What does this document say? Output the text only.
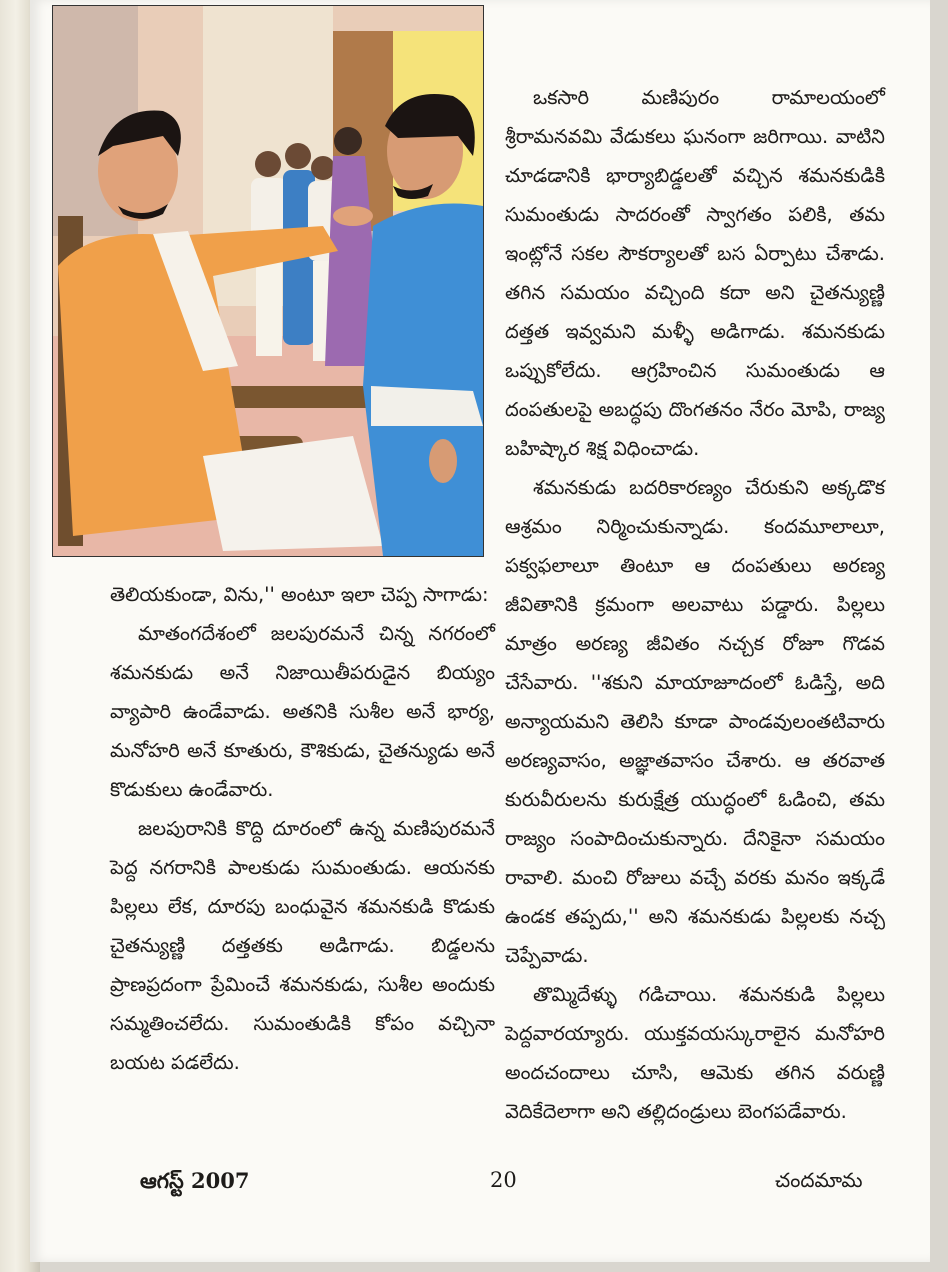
ఒకసారి మణిపురం రామాలయంలో శ్రీరామనవమి వేడుకలు ఘనంగా జరిగాయి. వాటిని చూడడానికి భార్యాబిడ్డలతో వచ్చిన శమనకుడికి సుమంతుడు సాదరంతో స్వాగతం పలికి, తమ ఇంట్లోనే సకల సౌకర్యాలతో బస ఏర్పాటు చేశాడు. తగిన సమయం వచ్చింది కదా అని చైతన్యుణ్ణి దత్తత ఇవ్వమని మళ్ళీ అడిగాడు. శమనకుడు ఒప్పుకోలేదు. ఆగ్రహించిన సుమంతుడు ఆ దంపతులపై అబద్ధపు దొంగతనం నేరం మోపి, రాజ్య బహిష్కార శిక్ష విధించాడు.

శమనకుడు బదరికారణ్యం చేరుకుని అక్కడొక ఆశ్రమం నిర్మించుకున్నాడు. కందమూలాలూ, పక్వఫలాలూ తింటూ ఆ దంపతులు అరణ్య జీవితానికి క్రమంగా అలవాటు పడ్డారు. పిల్లలు మాత్రం అరణ్య జీవితం నచ్చక రోజూ గొడవ చేసేవారు. ''శకుని మాయాజూదంలో ఓడిస్తే, అది అన్యాయమని తెలిసి కూడా పాండవులంతటివారు అరణ్యవాసం, అజ్ఞాతవాసం చేశారు. ఆ తరవాత కురువీరులను కురుక్షేత్ర యుద్ధంలో ఓడించి, తమ రాజ్యం సంపాదించుకున్నారు. దేనికైనా సమయం రావాలి. మంచి రోజులు వచ్చే వరకు మనం ఇక్కడే ఉండక తప్పదు,'' అని శమనకుడు పిల్లలకు నచ్చ చెప్పేవాడు.

తొమ్మిదేళ్ళు గడిచాయి. శమనకుడి పిల్లలు పెద్దవారయ్యారు. యుక్తవయస్కురాలైన మనోహరి అందచందాలు చూసి, ఆమెకు తగిన వరుణ్ణి వెదికేదెలాగా అని తల్లిదండ్రులు బెంగపడేవారు.

తెలియకుండా, విను,'' అంటూ ఇలా చెప్ప సాగాడు:

మాతంగదేశంలో జలపురమనే చిన్న నగరంలో శమనకుడు అనే నిజాయితీపరుడైన బియ్యం వ్యాపారి ఉండేవాడు. అతనికి సుశీల అనే భార్య, మనోహరి అనే కూతురు, కౌశికుడు, చైతన్యుడు అనే కొడుకులు ఉండేవారు.

జలపురానికి కొద్ది దూరంలో ఉన్న మణిపురమనే పెద్ద నగరానికి పాలకుడు సుమంతుడు. ఆయనకు పిల్లలు లేక, దూరపు బంధువైన శమనకుడి కొడుకు చైతన్యుణ్ణి దత్తతకు అడిగాడు. బిడ్డలను ప్రాణప్రదంగా ప్రేమించే శమనకుడు, సుశీల అందుకు సమ్మతించలేదు. సుమంతుడికి కోపం వచ్చినా బయట పడలేదు.

ఆగస్ట్ 2007	20	చందమామ
